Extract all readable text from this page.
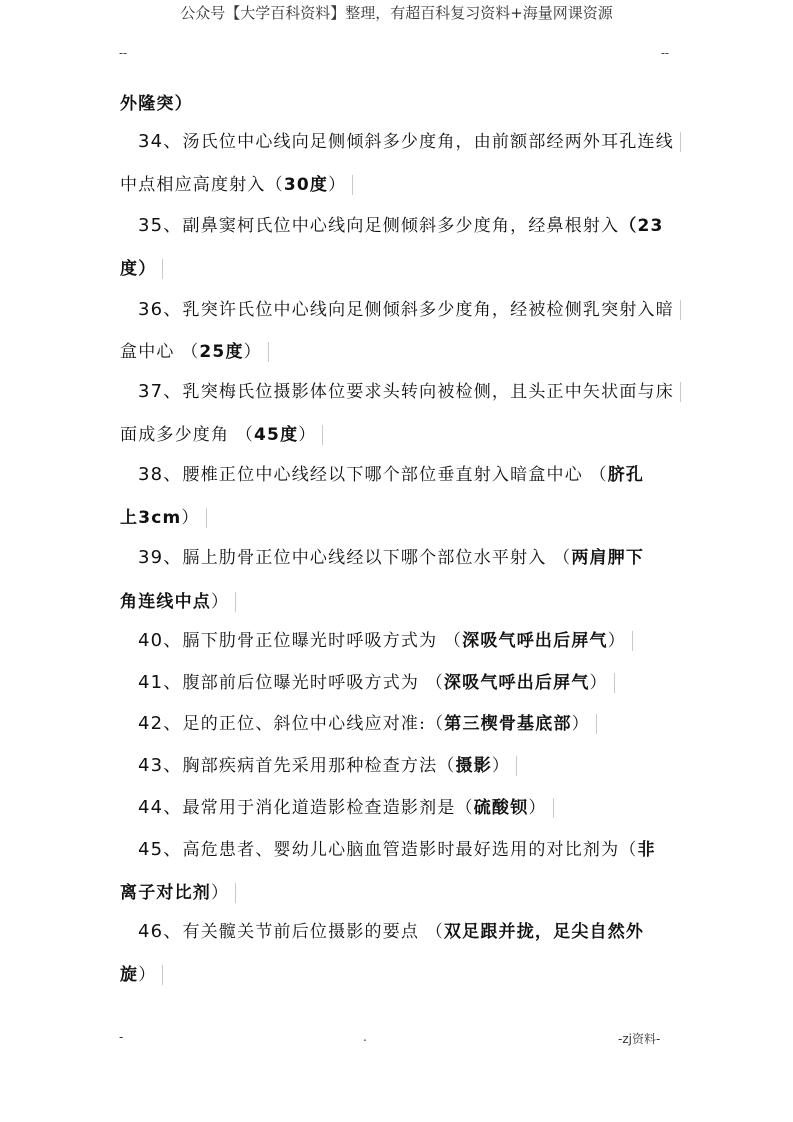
公众号【大学百科资料】整理，有超百科复习资料+海量网课资源
--	--
外隆突）
34、汤氏位中心线向足侧倾斜多少度角，由前额部经两外耳孔连线
中点相应高度射入（30度）
35、副鼻窦柯氏位中心线向足侧倾斜多少度角，经鼻根射入（23
度）
36、乳突许氏位中心线向足侧倾斜多少度角，经被检侧乳突射入暗
盒中心 （25度）
37、乳突梅氏位摄影体位要求头转向被检侧，且头正中矢状面与床
面成多少度角 （45度）
38、腰椎正位中心线经以下哪个部位垂直射入暗盒中心 （脐孔
上3cm）
39、膈上肋骨正位中心线经以下哪个部位水平射入 （两肩胛下
角连线中点）
40、膈下肋骨正位曝光时呼吸方式为 （深吸气呼出后屏气）
41、腹部前后位曝光时呼吸方式为 （深吸气呼出后屏气）
42、足的正位、斜位中心线应对准:（第三楔骨基底部）
43、胸部疾病首先采用那种检查方法（摄影）
44、最常用于消化道造影检查造影剂是（硫酸钡）
45、高危患者、婴幼儿心脑血管造影时最好选用的对比剂为（非
离子对比剂）
46、有关髋关节前后位摄影的要点 （双足跟并拢，足尖自然外
旋）
-	.	-zj资料-
